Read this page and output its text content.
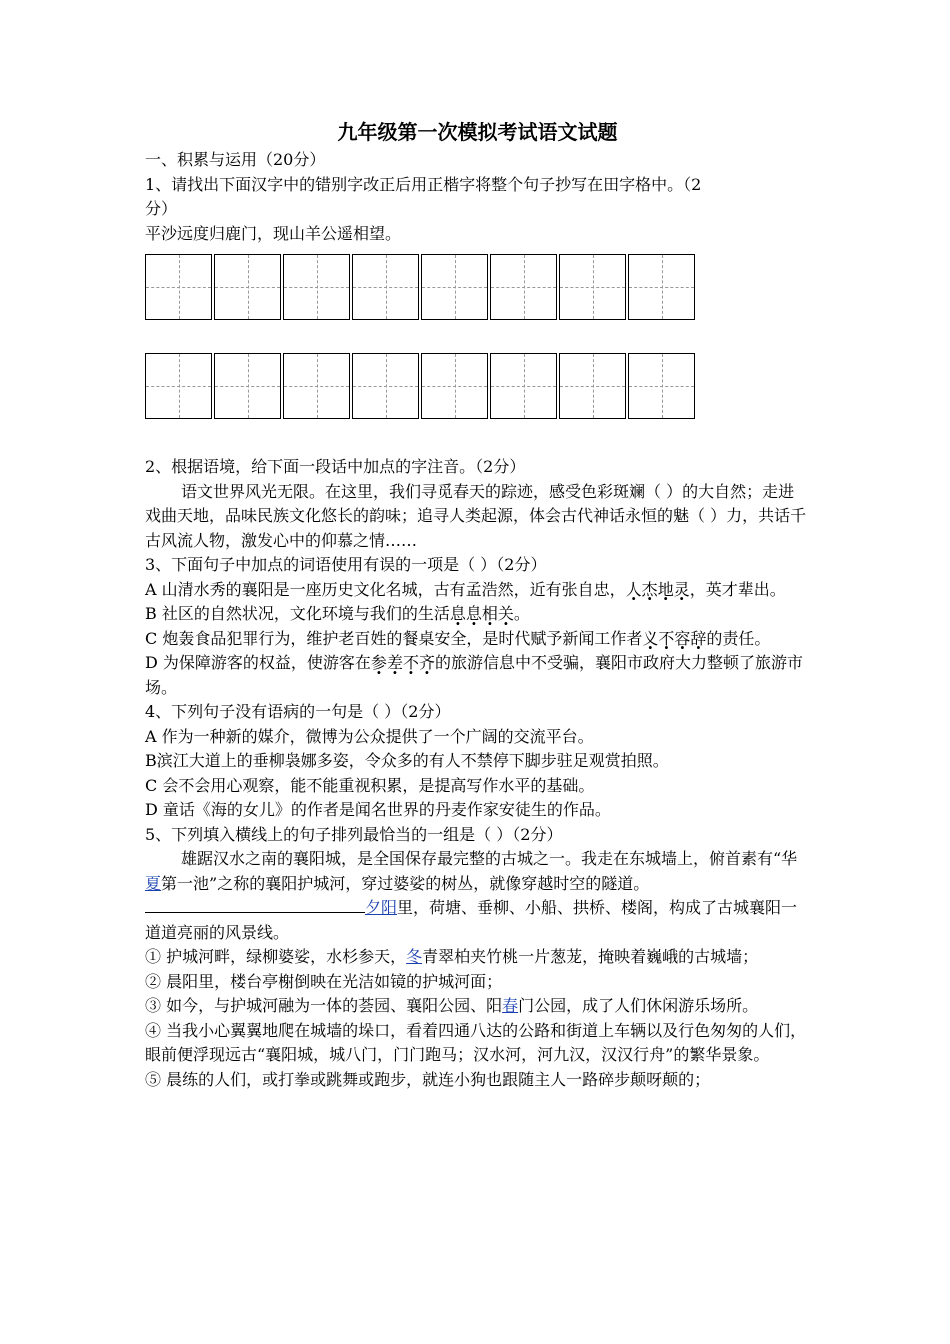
九年级第一次模拟考试语文试题

一、积累与运用（20分）

1、请找出下面汉字中的错别字改正后用正楷字将整个句子抄写在田字格中。（2
分）

平沙远度归鹿门，现山羊公遥相望。

2、根据语境，给下面一段话中加点的字注音。（2分）

语文世界风光无限。在这里，我们寻觅春天的踪迹，感受色彩斑斓（ ）的大自然；走进戏曲天地，品味民族文化悠长的韵味；追寻人类起源，体会古代神话永恒的魅（ ）力，共话千古风流人物，激发心中的仰慕之情……

3、下面句子中加点的词语使用有误的一项是（ ）（2分）

A 山清水秀的襄阳是一座历史文化名城，古有孟浩然，近有张自忠，人杰地灵，英才辈出。

B 社区的自然状况，文化环境与我们的生活息息相关。

C 炮轰食品犯罪行为，维护老百姓的餐桌安全，是时代赋予新闻工作者义不容辞的责任。

D 为保障游客的权益，使游客在参差不齐的旅游信息中不受骗，襄阳市政府大力整顿了旅游市场。

4、下列句子没有语病的一句是（ ）（2分）

A 作为一种新的媒介，微博为公众提供了一个广阔的交流平台。

B滨江大道上的垂柳袅娜多姿，令众多的有人不禁停下脚步驻足观赏拍照。

C 会不会用心观察，能不能重视积累，是提高写作水平的基础。

D 童话《海的女儿》的作者是闻名世界的丹麦作家安徒生的作品。

5、下列填入横线上的句子排列最恰当的一组是（ ）（2分）

雄踞汉水之南的襄阳城，是全国保存最完整的古城之一。我走在东城墙上，俯首素有“华夏第一池”之称的襄阳护城河，穿过婆娑的树丛，就像穿越时空的隧道。夕阳里，荷塘、垂柳、小船、拱桥、楼阁，构成了古城襄阳一道道亮丽的风景线。

① 护城河畔，绿柳婆娑，水杉参天，冬青翠柏夹竹桃一片葱茏，掩映着巍峨的古城墙；

② 晨阳里，楼台亭榭倒映在光洁如镜的护城河面；

③ 如今，与护城河融为一体的荟园、襄阳公园、阳春门公园，成了人们休闲游乐场所。

④ 当我小心翼翼地爬在城墙的垛口，看着四通八达的公路和街道上车辆以及行色匆匆的人们，眼前便浮现远古“襄阳城，城八门，门门跑马；汉水河，河九汉，汉汉行舟”的繁华景象。

⑤ 晨练的人们，或打拳或跳舞或跑步，就连小狗也跟随主人一路碎步颠呀颠的；
